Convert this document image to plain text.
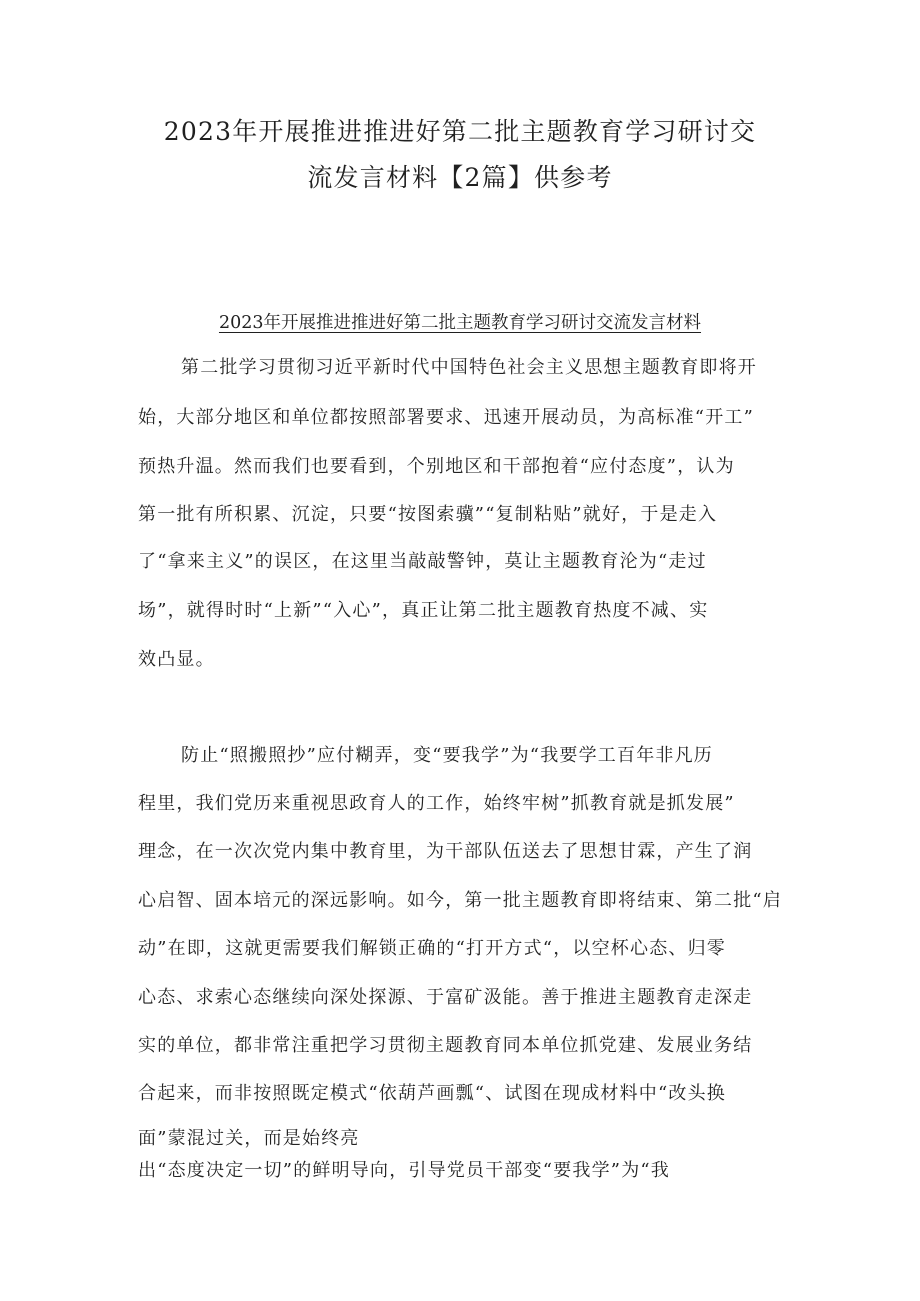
2023年开展推进推进好第二批主题教育学习研讨交
流发言材料【2篇】供参考
2023年开展推进推进好第二批主题教育学习研讨交流发言材料
第二批学习贯彻习近平新时代中国特色社会主义思想主题教育即将开
始，大部分地区和单位都按照部署要求、迅速开展动员，为高标准“开工”
预热升温。然而我们也要看到，个别地区和干部抱着“应付态度”，认为
第一批有所积累、沉淀，只要“按图索骥”“复制粘贴”就好，于是走入
了“拿来主义”的误区，在这里当敲敲警钟，莫让主题教育沦为“走过
场”，就得时时“上新”“入心”，真正让第二批主题教育热度不减、实
效凸显。
防止“照搬照抄”应付糊弄，变“要我学”为“我要学工百年非凡历
程里，我们党历来重视思政育人的工作，始终牢树”抓教育就是抓发展”
理念，在一次次党内集中教育里，为干部队伍送去了思想甘霖，产生了润
心启智、固本培元的深远影响。如今，第一批主题教育即将结束、第二批“启
动”在即，这就更需要我们解锁正确的“打开方式“，以空杯心态、归零
心态、求索心态继续向深处探源、于富矿汲能。善于推进主题教育走深走
实的单位，都非常注重把学习贯彻主题教育同本单位抓党建、发展业务结
合起来，而非按照既定模式“依葫芦画瓢“、试图在现成材料中“改头换
面”蒙混过关，而是始终亮
出“态度决定一切”的鲜明导向，引导党员干部变“要我学”为“我
